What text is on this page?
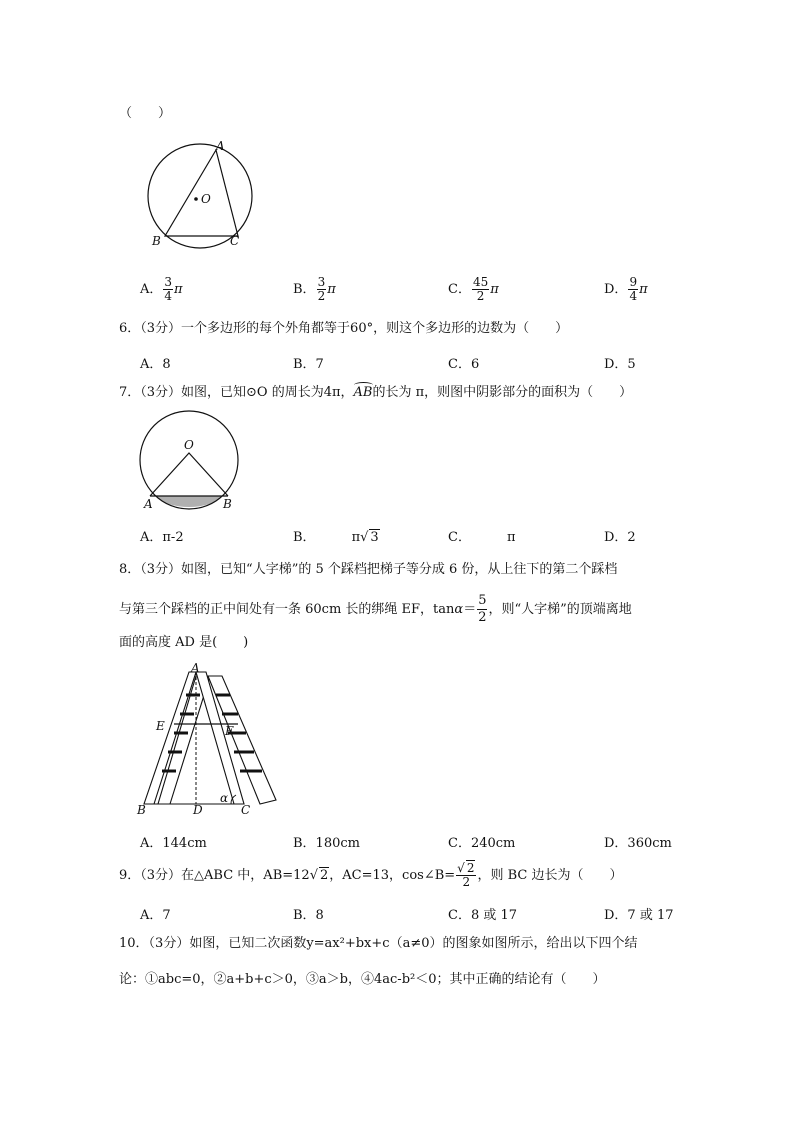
（　　）
A
B	C
O
A． $\frac{3}{4}$ π	B． $\frac{3}{2}$ π	C． $\frac{45}{2}$ π	D． $\frac{9}{4}$ π
6．（3分）一个多边形的每个外角都等于60°，则这个多边形的边数为（　　）
A．8	B．7	C．6	D．5
7．（3分）如图，已知⊙O 的周长为4π，AB的长为 π，则图中阴影部分的面积为（　　）
O
A	B
A．π-2	B．	π√ 3	C．	π	D．2
8．（3分）如图，已知“人字梯”的 5 个踩档把梯子等分成 6 份，从上往下的第二个踩档
与第三个踩档的正中间处有一条 60cm 长的绑绳 EF，$\tan\alpha= \frac{5}{2}$ ，则“人字梯”的顶端离地
面的高度 AD 是(　　)
A
B	C
D
E	F
α
A．144cm	B．180cm	C．240cm	D．360cm
9．（3分）在△ABC 中，AB=12√ 2，AC=13，cos∠B= $\frac{√ 2}{2}$ ，则 BC 边长为（　　）
A．7	B．8	C．8 或 17	D．7 或 17
10．（3分）如图，已知二次函数y=ax²+bx+c（a≠0）的图象如图所示，给出以下四个结
论：①abc=0，②a+b+c＞0，③a＞b，④4ac-b²＜0；其中正确的结论有（　　）
